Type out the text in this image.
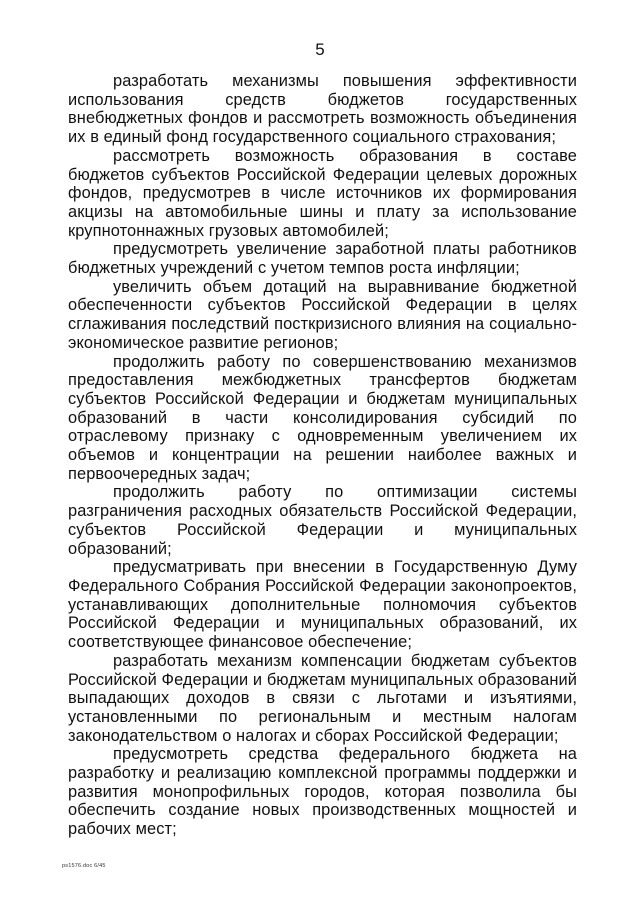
5

разработать механизмы повышения эффективности использования средств бюджетов государственных внебюджетных фондов и рассмотреть возможность объединения их в единый фонд государственного социального страхования;

рассмотреть возможность образования в составе бюджетов субъектов Российской Федерации целевых дорожных фондов, предусмотрев в числе источников их формирования акцизы на автомобильные шины и плату за использование крупнотоннажных грузовых автомобилей;

предусмотреть увеличение заработной платы работников бюджетных учреждений с учетом темпов роста инфляции;

увеличить объем дотаций на выравнивание бюджетной обеспеченности субъектов Российской Федерации в целях сглаживания последствий посткризисного влияния на социально-экономическое развитие регионов;

продолжить работу по совершенствованию механизмов предоставления межбюджетных трансфертов бюджетам субъектов Российской Федерации и бюджетам муниципальных образований в части консолидирования субсидий по отраслевому признаку с одновременным увеличением их объемов и концентрации на решении наиболее важных и первоочередных задач;

продолжить работу по оптимизации системы разграничения расходных обязательств Российской Федерации, субъектов Российской Федерации и муниципальных образований;

предусматривать при внесении в Государственную Думу Федерального Собрания Российской Федерации законопроектов, устанавливающих дополнительные полномочия субъектов Российской Федерации и муниципальных образований, их соответствующее финансовое обеспечение;

разработать механизм компенсации бюджетам субъектов Российской Федерации и бюджетам муниципальных образований выпадающих доходов в связи с льготами и изъятиями, установленными по региональным и местным налогам законодательством о налогах и сборах Российской Федерации;

предусмотреть средства федерального бюджета на разработку и реализацию комплексной программы поддержки и развития монопрофильных городов, которая позволила бы обеспечить создание новых производственных мощностей и рабочих мест;

ps1576.doc 6/45
